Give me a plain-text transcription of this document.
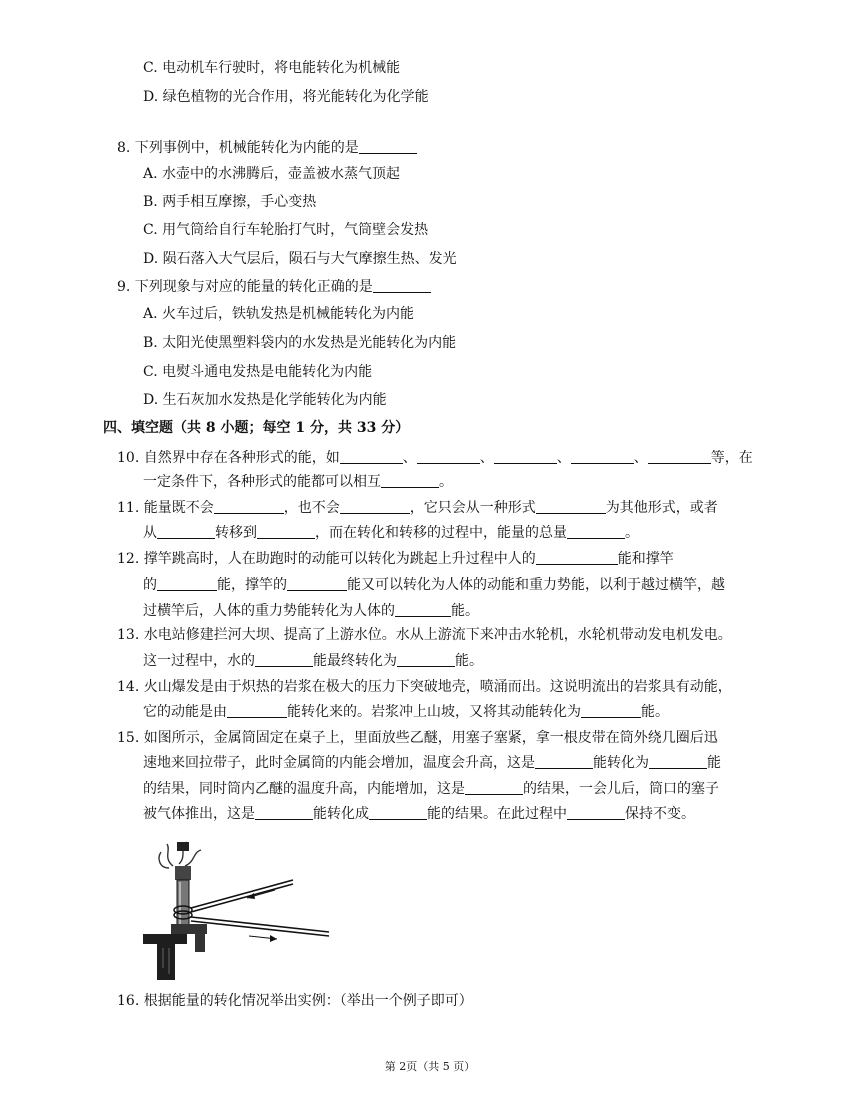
C. 电动机车行驶时，将电能转化为机械能
D. 绿色植物的光合作用，将光能转化为化学能
8. 下列事例中，机械能转化为内能的是
A. 水壶中的水沸腾后，壶盖被水蒸气顶起
B. 两手相互摩擦，手心变热
C. 用气筒给自行车轮胎打气时，气筒壁会发热
D. 陨石落入大气层后，陨石与大气摩擦生热、发光
9. 下列现象与对应的能量的转化正确的是
A. 火车过后，铁轨发热是机械能转化为内能
B. 太阳光使黑塑料袋内的水发热是光能转化为内能
C. 电熨斗通电发热是电能转化为内能
D. 生石灰加水发热是化学能转化为内能
四、填空题（共 8 小题；每空 1 分，共 33 分）
10. 自然界中存在各种形式的能，如	、	、	、	、	等，在
一定条件下，各种形式的能都可以相互	。
11. 能量既不会	，也不会	，它只会从一种形式	为其他形式，或者
从	转移到	，而在转化和转移的过程中，能量的总量	。
12. 撑竿跳高时，人在助跑时的动能可以转化为跳起上升过程中人的	能和撑竿
的	能，撑竿的	能又可以转化为人体的动能和重力势能，以利于越过横竿，越
过横竿后，人体的重力势能转化为人体的	能。
13. 水电站修建拦河大坝、提高了上游水位。水从上游流下来冲击水轮机，水轮机带动发电机发电。
这一过程中，水的	能最终转化为	能。
14. 火山爆发是由于炽热的岩浆在极大的压力下突破地壳，喷涌而出。这说明流出的岩浆具有动能，
它的动能是由	能转化来的。岩浆冲上山坡，又将其动能转化为	能。
15. 如图所示，金属筒固定在桌子上，里面放些乙醚，用塞子塞紧，拿一根皮带在筒外绕几圈后迅
速地来回拉带子，此时金属筒的内能会增加，温度会升高，这是	能转化为	能
的结果，同时筒内乙醚的温度升高，内能增加，这是	的结果，一会儿后，筒口的塞子
被气体推出，这是	能转化成	能的结果。在此过程中	保持不变。
16. 根据能量的转化情况举出实例：（举出一个例子即可）
第 2页（共 5 页）
